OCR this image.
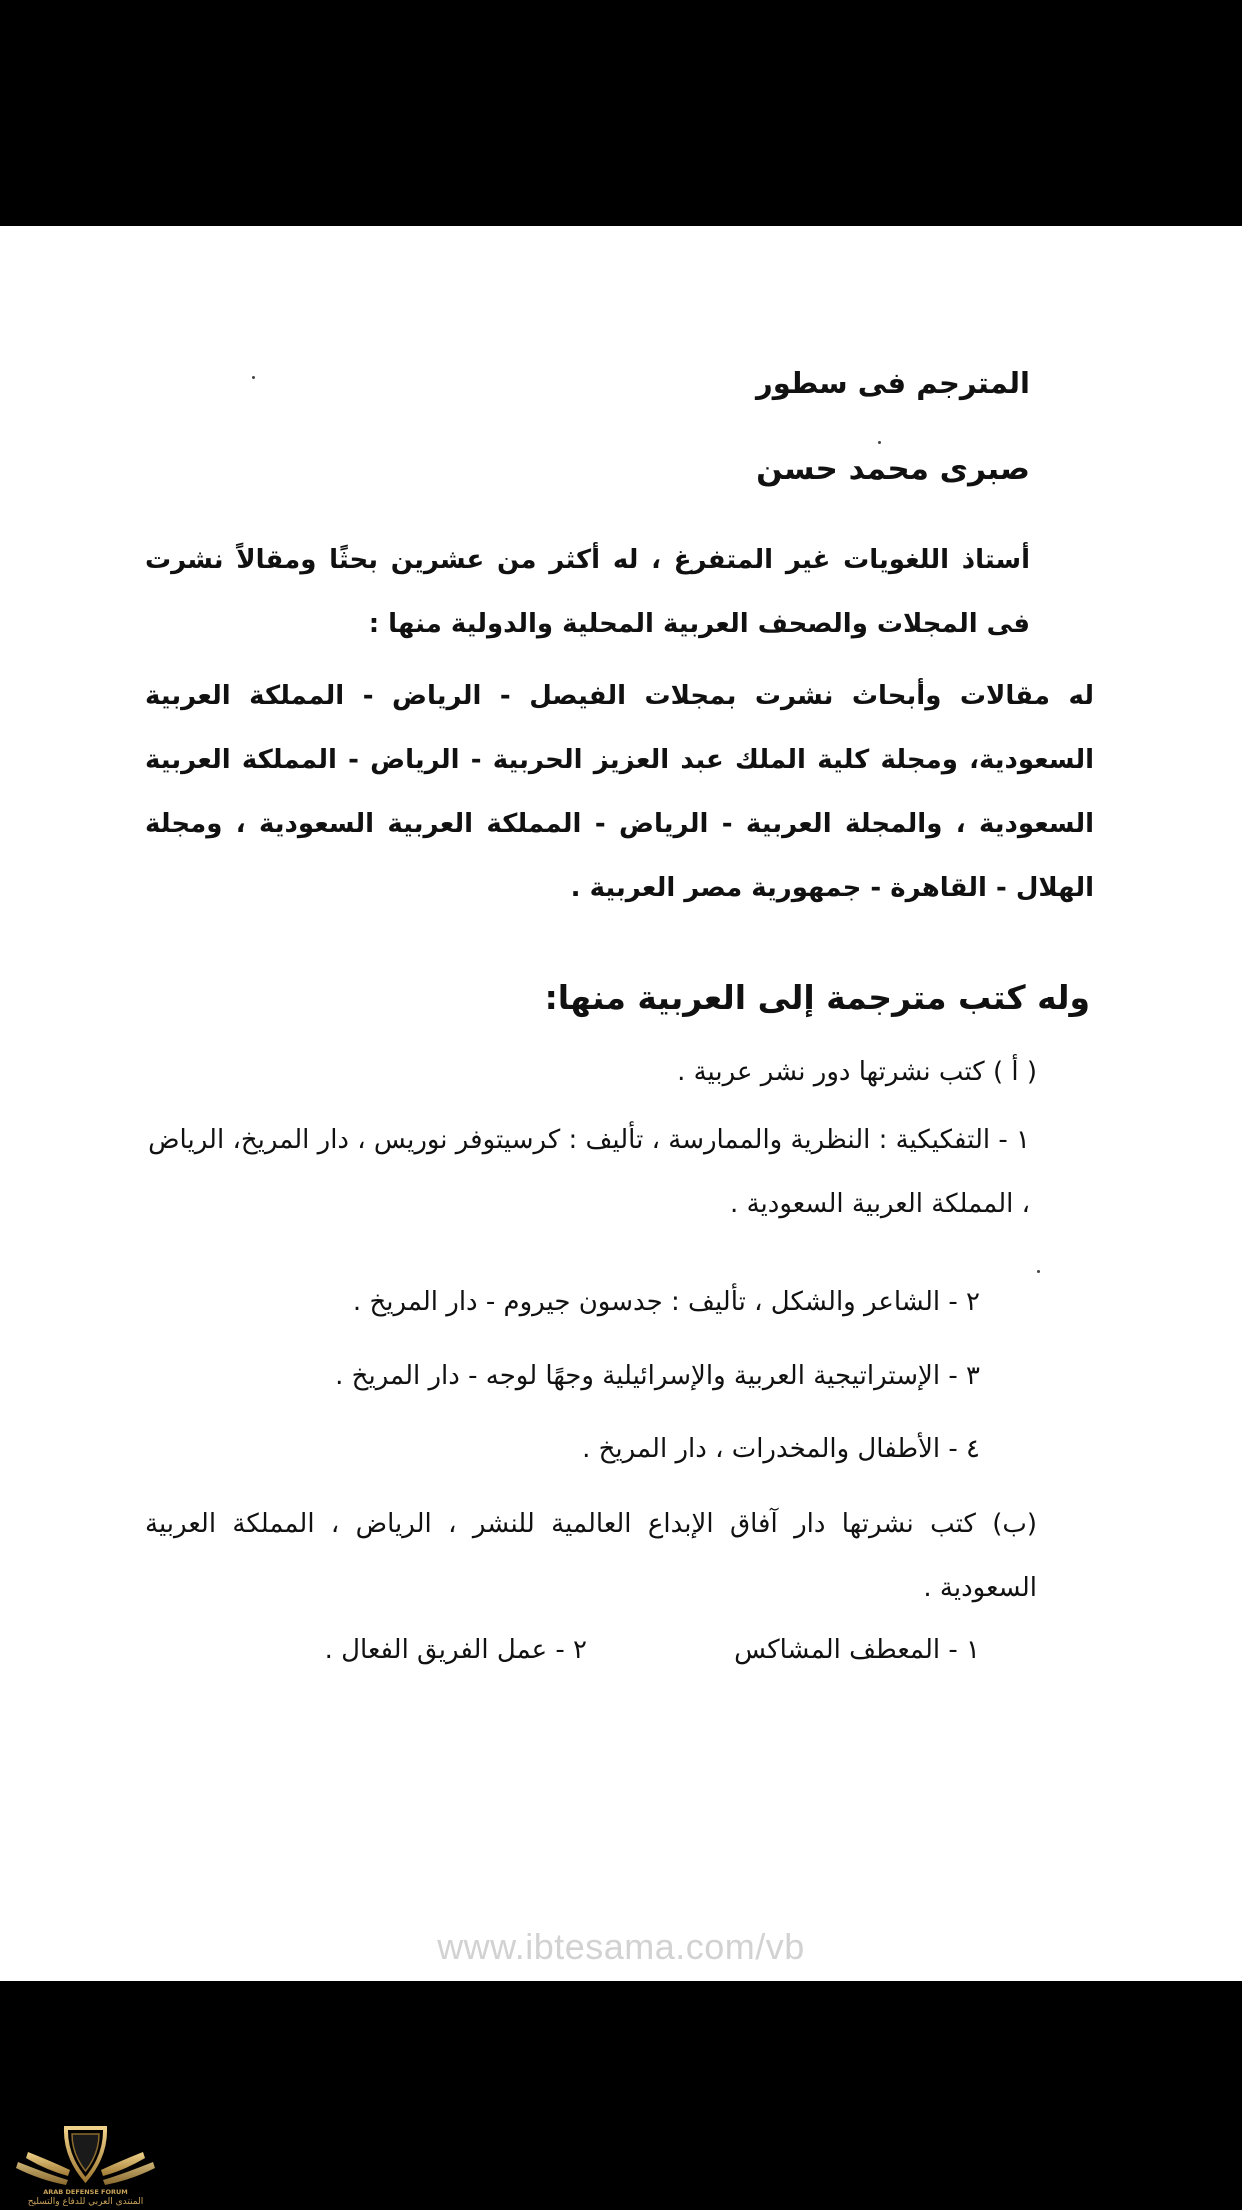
المترجم فى سطور

صبرى محمد حسن

أستاذ اللغويات غير المتفرغ ، له أكثر من عشرين بحثًا ومقالاً نشرت فى المجلات والصحف العربية المحلية والدولية منها :

له مقالات وأبحاث نشرت بمجلات الفيصل - الرياض - المملكة العربية السعودية، ومجلة كلية الملك عبد العزيز الحربية - الرياض - المملكة العربية السعودية ، والمجلة العربية - الرياض - المملكة العربية السعودية ، ومجلة الهلال - القاهرة - جمهورية مصر العربية .

وله كتب مترجمة إلى العربية منها:

( أ ) كتب نشرتها دور نشر عربية .

١ - التفكيكية : النظرية والممارسة ، تأليف : كرسيتوفر نوريس ، دار المريخ، الرياض ، المملكة العربية السعودية .

٢ - الشاعر والشكل ، تأليف : جدسون جيروم - دار المريخ .

٣ - الإستراتيجية العربية والإسرائيلية وجهًا لوجه - دار المريخ .

٤ - الأطفال والمخدرات ، دار المريخ .

(ب) كتب نشرتها دار آفاق الإبداع العالمية للنشر ، الرياض ، المملكة العربية السعودية .

١ - المعطف المشاكس

٢ - عمل الفريق الفعال .

www.ibtesama.com/vb
ARAB DEFENSE FORUM
المنتدى العربي للدفاع والتسليح
